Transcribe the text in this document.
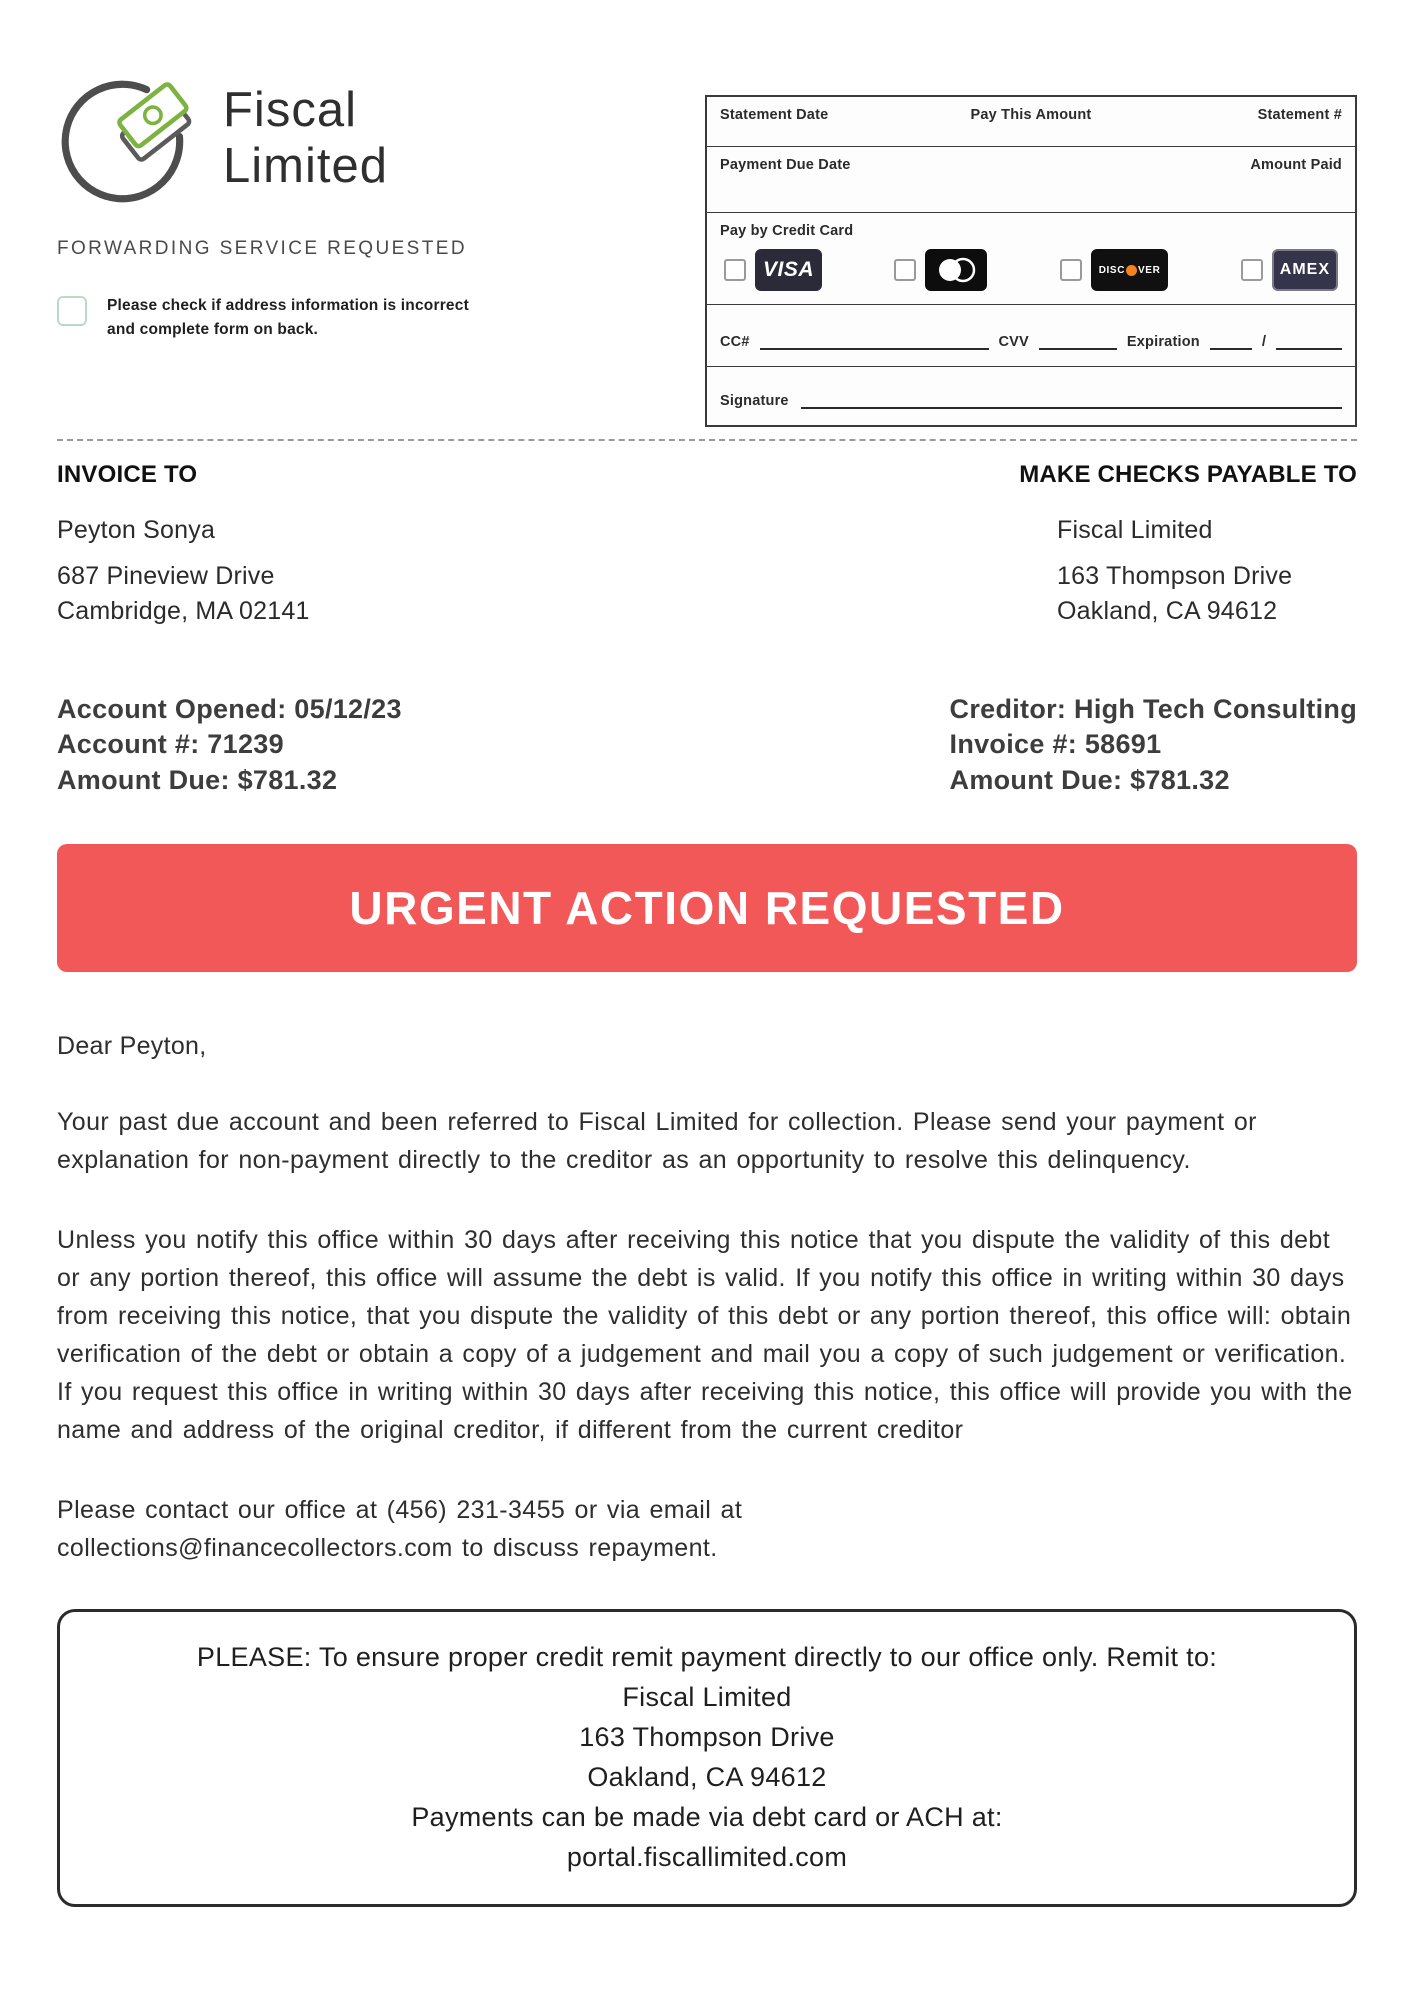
Fiscal
Limited
FORWARDING SERVICE REQUESTED
Please check if address information is incorrect
and complete form on back.
Statement Date	Pay This Amount	Statement #
Payment Due Date	Amount Paid
Pay by Credit Card
VISA	DISC VER	AMEX
CC#	CVV	Expiration	/
Signature
INVOICE TO

Peyton Sonya

687 Pineview Drive

Cambridge, MA 02141

MAKE CHECKS PAYABLE TO

Fiscal Limited

163 Thompson Drive

Oakland, CA 94612

Account Opened: 05/12/23

Account #: 71239

Amount Due: $781.32

Creditor: High Tech Consulting

Invoice #: 58691

Amount Due: $781.32

URGENT ACTION REQUESTED

Dear Peyton,

Your past due account and been referred to Fiscal Limited for collection. Please send your payment or explanation for non-payment directly to the creditor as an opportunity to resolve this delinquency.

Unless you notify this office within 30 days after receiving this notice that you dispute the validity of this debt or any portion thereof, this office will assume the debt is valid. If you notify this office in writing within 30 days from receiving this notice, that you dispute the validity of this debt or any portion thereof, this office will: obtain verification of the debt or obtain a copy of a judgement and mail you a copy of such judgement or verification. If you request this office in writing within 30 days after receiving this notice, this office will provide you with the name and address of the original creditor, if different from the current creditor

Please contact our office at (456) 231-3455 or via email at
collections@financecollectors.com to discuss repayment.

PLEASE: To ensure proper credit remit payment directly to our office only. Remit to:

Fiscal Limited

163 Thompson Drive

Oakland, CA 94612

Payments can be made via debt card or ACH at:

portal.fiscallimited.com
